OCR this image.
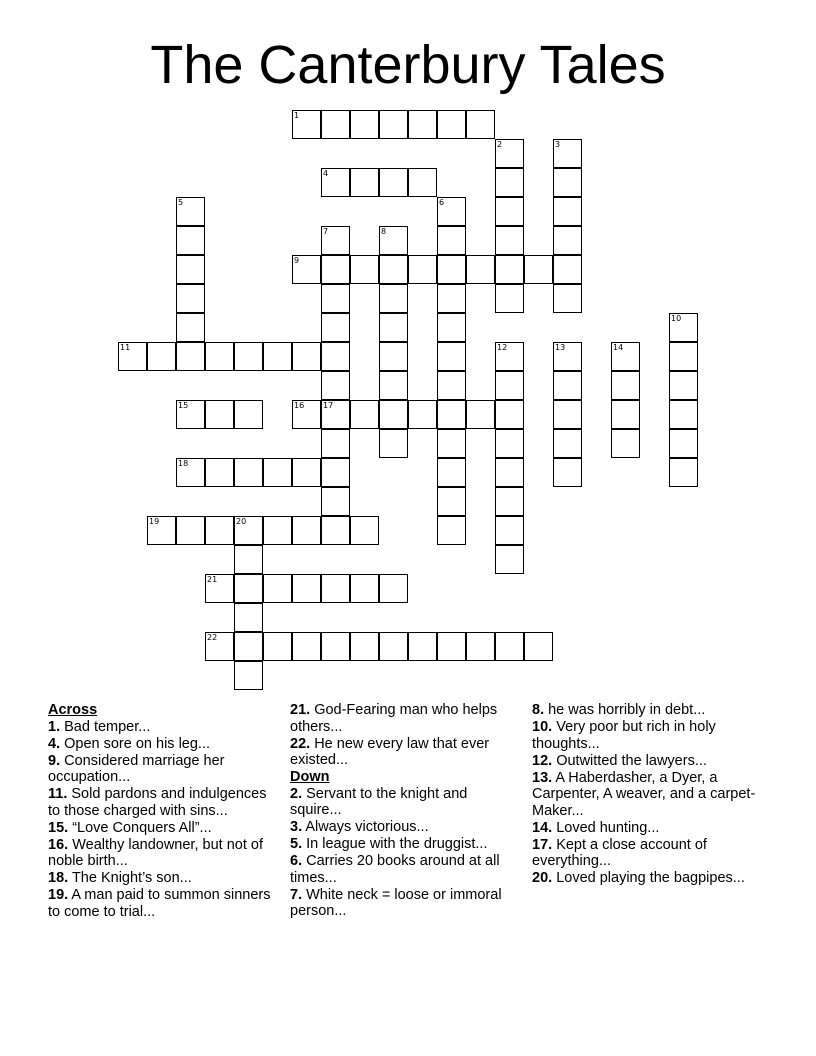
The Canterbury Tales
1
2	3
4
5	6
7
17
8
9
10
11	12	13	14
15	16
18
19	20
21
22
Across
1. Bad temper...
4. Open sore on his leg...
9. Considered marriage her occupation...
11. Sold pardons and indulgences to those charged with sins...
15. “Love Conquers All”...
16. Wealthy landowner, but not of noble birth...
18. The Knight’s son...
19. A man paid to summon sinners to come to trial...
21. God-Fearing man who helps others...
22. He new every law that ever existed...
Down
2. Servant to the knight and squire...
3. Always victorious...
5. In league with the druggist...
6. Carries 20 books around at all times...
7. White neck = loose or immoral person...
8. he was horribly in debt...
10. Very poor but rich in holy thoughts...
12. Outwitted the lawyers...
13. A Haberdasher, a Dyer, a Carpenter, A weaver, and a carpet-Maker...
14. Loved hunting...
17. Kept a close account of everything...
20. Loved playing the bagpipes...
